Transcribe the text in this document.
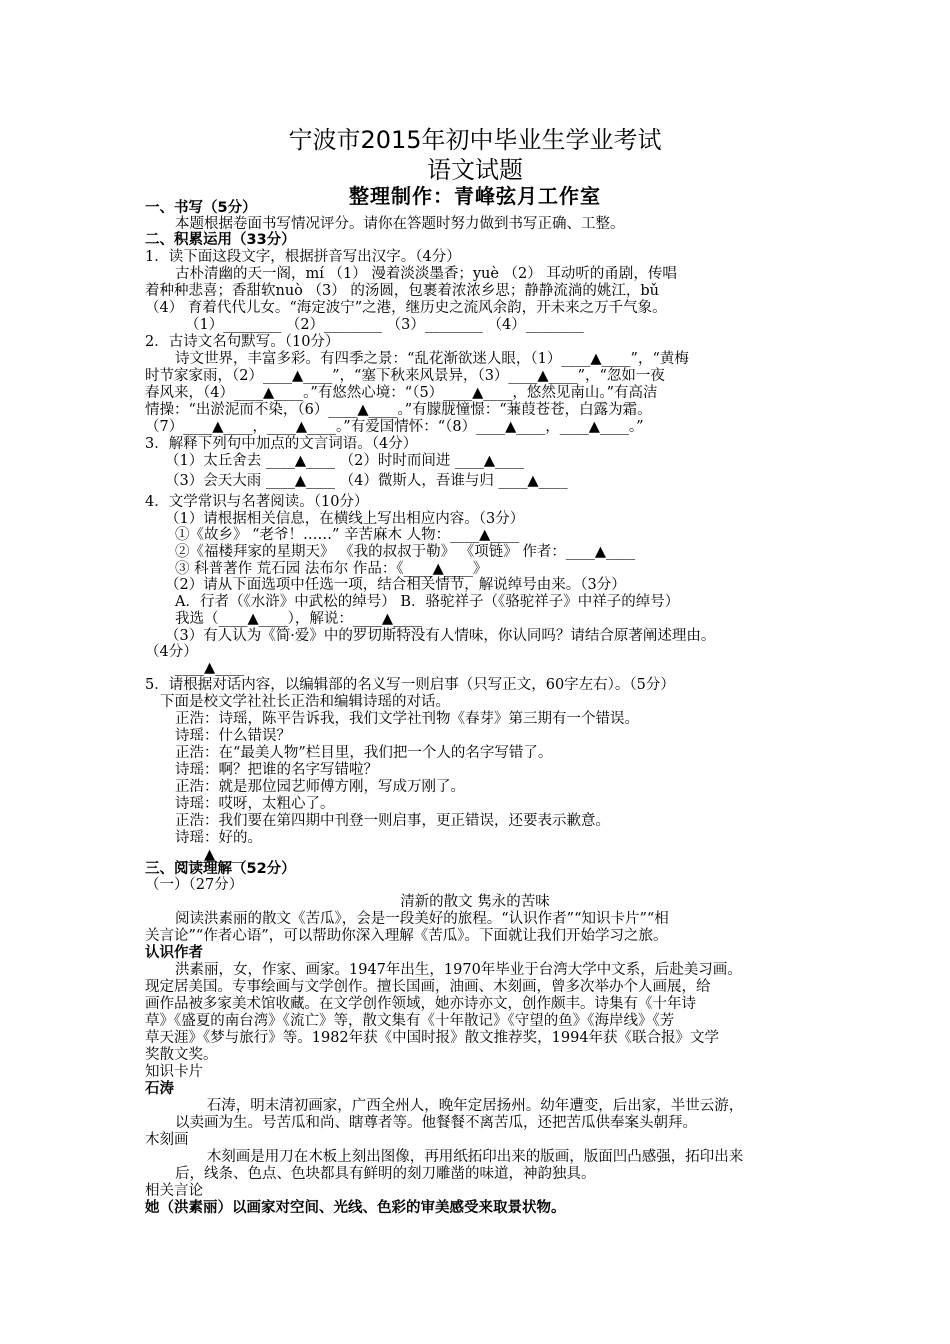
宁波市2015年初中毕业生学业考试
语文试题
整理制作：青峰弦月工作室
一、书写（5分）
本题根据卷面书写情况评分。请你在答题时努力做到书写正确、工整。
二、积累运用（33分）
1．读下面这段文字，根据拼音写出汉字。（4分）
古朴清幽的天一阁，mí （1） 漫着淡淡墨香；yuè （2） 耳动听的甬剧，传唱
着种种悲喜；香甜软nuò （3） 的汤圆，包裹着浓浓乡思；静静流淌的姚江，bǔ
（4） 育着代代儿女。“海定波宁”之港，继历史之流风余韵，开未来之万千气象。
（1）________ （2）________ （3）________ （4）________
2．古诗文名句默写。（10分）
诗文世界，丰富多彩。有四季之景：“乱花渐欲迷人眼，（1）____▲____”，“黄梅
时节家家雨，（2）____▲____”，“塞下秋来风景异，（3）____▲____”，“忽如一夜
春风来，（4）____▲____。”有悠然心境：“（5）____▲____，悠然见南山。”有高洁
情操：“出淤泥而不染，（6）____▲____。”有朦胧憧憬：“蒹葭苍苍，白露为霜。
（7）____▲____，____▲____。”有爱国情怀：“（8）____▲____，____▲____。”
3．解释下列句中加点的文言词语。（4分）
（1）太丘舍去 ____▲____ （2）时时而间进 ____▲____
（3）会天大雨 ____▲____ （4）微斯人，吾谁与归 ____▲____
4．文学常识与名著阅读。（10分）
（1）请根据相关信息，在横线上写出相应内容。（3分）
①《故乡》 “老爷！……” 辛苦麻木 人物：____▲____
②《福楼拜家的星期天》 《我的叔叔于勒》 《项链》 作者：____▲____
③ 科普著作 荒石园 法布尔 作品：《____▲____》
（2）请从下面选项中任选一项，结合相关情节，解说绰号由来。（3分）
A．行者（《水浒》中武松的绰号） B．骆驼祥子（《骆驼祥子》中祥子的绰号）
我选（____▲____），解说：____▲____
（3）有人认为《简·爱》中的罗切斯特没有人情味，你认同吗？请结合原著阐述理由。
（4分）
____▲____
5．请根据对话内容，以编辑部的名义写一则启事（只写正文，60字左右）。（5分）
下面是校文学社社长正浩和编辑诗瑶的对话。
正浩：诗瑶，陈平告诉我，我们文学社刊物《春芽》第三期有一个错误。
诗瑶：什么错误？
正浩：在“最美人物”栏目里，我们把一个人的名字写错了。
诗瑶：啊？把谁的名字写错啦？
正浩：就是那位园艺师傅方刚，写成万刚了。
诗瑶：哎呀，太粗心了。
正浩：我们要在第四期中刊登一则启事，更正错误，还要表示歉意。
诗瑶：好的。
____▲____
三、阅读理解（52分）
（一）（27分）
清新的散文 隽永的苦味
阅读洪素丽的散文《苦瓜》，会是一段美好的旅程。“认识作者”“知识卡片”“相
关言论”“作者心语”，可以帮助你深入理解《苦瓜》。下面就让我们开始学习之旅。
认识作者
洪素丽，女，作家、画家。1947年出生，1970年毕业于台湾大学中文系，后赴美习画。
现定居美国。专事绘画与文学创作。擅长国画，油画、木刻画，曾多次举办个人画展，给
画作品被多家美术馆收藏。在文学创作领域，她亦诗亦文，创作颇丰。诗集有《十年诗
草》《盛夏的南台湾》《流亡》等，散文集有《十年散记》《守望的鱼》《海岸线》《芳
草天涯》《梦与旅行》等。1982年获《中国时报》散文推荐奖，1994年获《联合报》文学
奖散文奖。
知识卡片
石涛
石涛，明末清初画家，广西全州人，晚年定居扬州。幼年遭变，后出家，半世云游，
以卖画为生。号苦瓜和尚、瞎尊者等。他餐餐不离苦瓜，还把苦瓜供奉案头朝拜。
木刻画
木刻画是用刀在木板上刻出图像，再用纸拓印出来的版画，版面凹凸感强，拓印出来
后，线条、色点、色块都具有鲜明的刻刀雕凿的味道，神韵独具。
相关言论
她（洪素丽）以画家对空间、光线、色彩的审美感受来取景状物。
